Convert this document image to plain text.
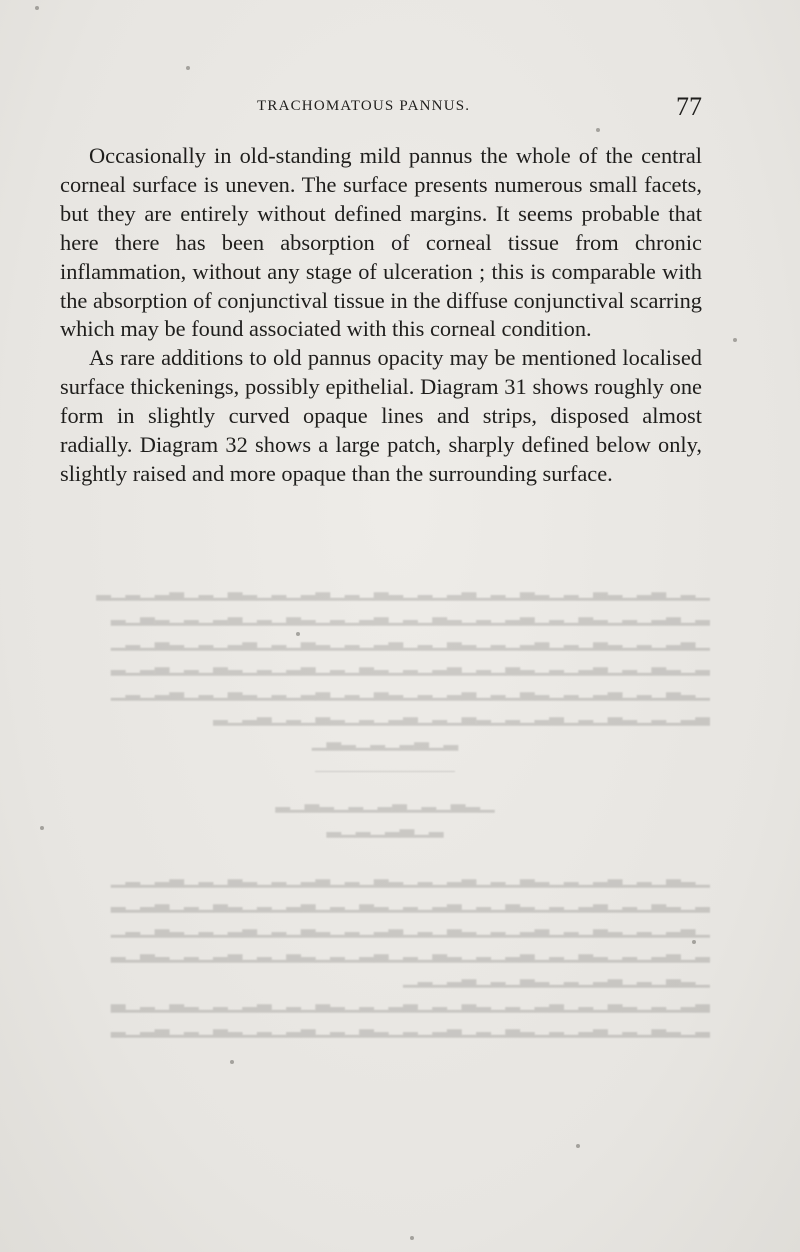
TRACHOMATOUS PANNUS.	77

Occasionally in old-standing mild pannus the whole of the central corneal surface is uneven. The surface presents numerous small facets, but they are entirely without defined margins. It seems probable that here there has been absorption of corneal tissue from chronic inflammation, without any stage of ulceration ; this is comparable with the absorption of conjunctival tissue in the diffuse conjunctival scarring which may be found associated with this corneal condition.

As rare additions to old pannus opacity may be mentioned localised surface thickenings, possibly epithelial. Diagram 31 shows roughly one form in slightly curved opaque lines and strips, disposed almost radially. Diagram 32 shows a large patch, sharply defined below only, slightly raised and more opaque than the surrounding surface.

▁▂▁▃▂▁▂▃▁▂▁▂▃▁▂▁▃▂▁▂▁▂▃▁▂▁▃▂▁▂▁▂▃▁▂▁▃▂▁▂▁▂
▂▁▃▂▁▂▁▂▃▁▂▁▃▂▁▂▁▂▃▁▂▁▃▂▁▂▁▂▃▁▂▁▃▂▁▂▁▂▃▁▂
▁▃▂▁▂▁▂▃▁▂▁▃▂▁▂▁▂▃▁▂▁▃▂▁▂▁▂▃▁▂▁▃▂▁▂▁▂▃▁▂▁
▂▁▂▃▁▂▁▃▂▁▂▁▂▃▁▂▁▃▂▁▂▁▂▃▁▂▁▃▂▁▂▁▂▃▁▂▁▃▂▁▂
▁▂▃▁▂▁▃▂▁▂▁▂▃▁▂▁▃▂▁▂▁▂▃▁▂▁▃▂▁▂▁▂▃▁▂▁▃▂▁▂▁
▃▂▁▂▁▂▃▁▂▁▃▂▁▂▁▂▃▁▂▁▃▂▁▂▁▂▃▁▂▁▃▂▁▂
▂▁▃▂▁▂▁▂▃▁
▁▂▃▁▂▁▃▂▁▂▁▂▃▁▂
▂▁▃▂▁▂▁▂

▁▂▃▁▂▁▃▂▁▂▁▂▃▁▂▁▃▂▁▂▁▂▃▁▂▁▃▂▁▂▁▂▃▁▂▁▃▂▁▂▁
▂▁▂▃▁▂▁▃▂▁▂▁▂▃▁▂▁▃▂▁▂▁▂▃▁▂▁▃▂▁▂▁▂▃▁▂▁▃▂▁▂
▁▃▂▁▂▁▂▃▁▂▁▃▂▁▂▁▂▃▁▂▁▃▂▁▂▁▂▃▁▂▁▃▂▁▂▁▂▃▁▂▁
▂▁▃▂▁▂▁▂▃▁▂▁▃▂▁▂▁▂▃▁▂▁▃▂▁▂▁▂▃▁▂▁▃▂▁▂▁▂▃▁▂
▁▂▃▁▂▁▃▂▁▂▁▂▃▁▂▁▃▂▁▂▁
▃▂▁▂▁▂▃▁▂▁▃▂▁▂▁▂▃▁▂▁▃▂▁▂▁▂▃▁▂▁▃▂▁▂▁▂▃▁▂▁▃
▂▁▂▃▁▂▁▃▂▁▂▁▂▃▁▂▁▃▂▁▂▁▂▃▁▂▁▃▂▁▂▁▂▃▁▂▁▃▂▁▂
